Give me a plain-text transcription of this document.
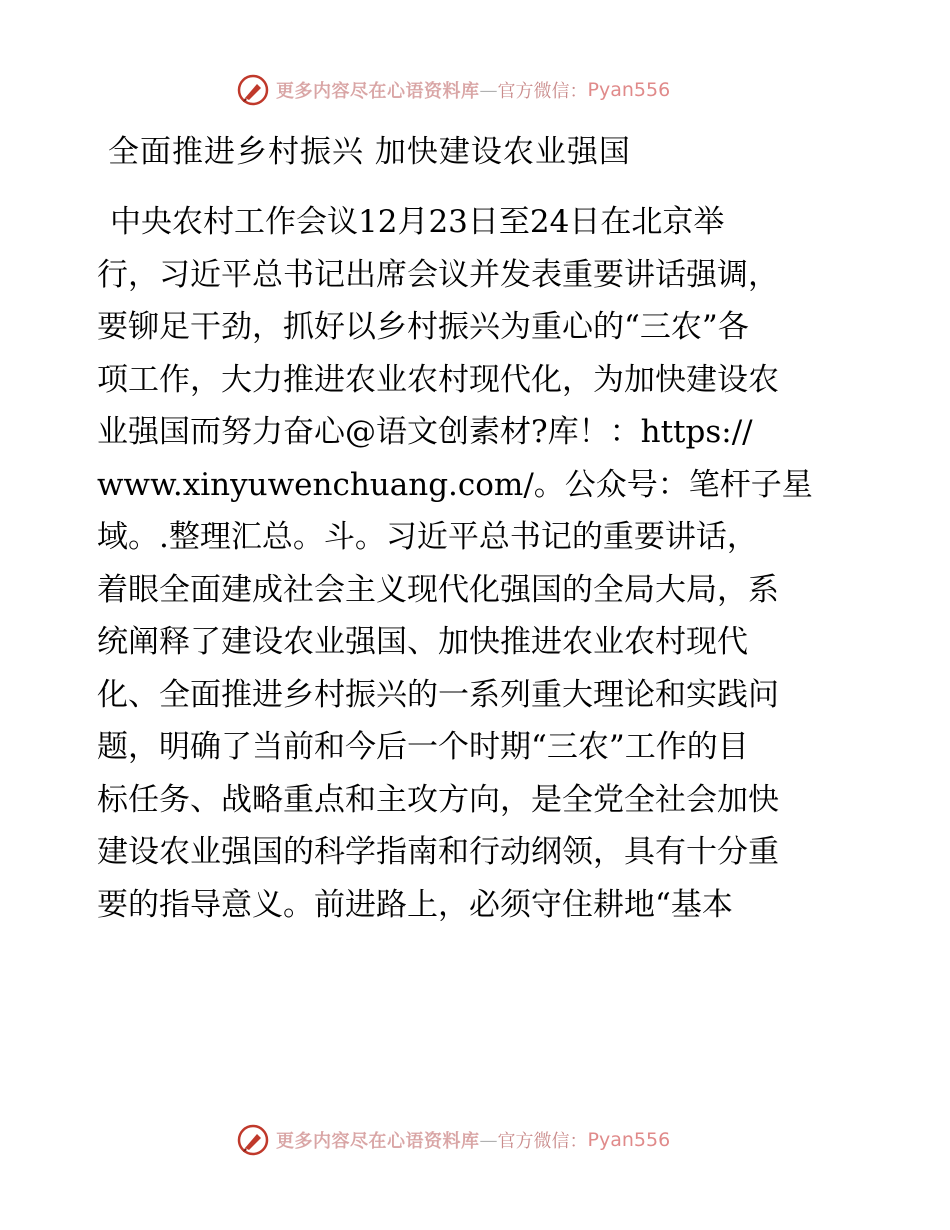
更多内容尽在心语资料库 — 官方微信： Pyan556
全面推进乡村振兴 加快建设农业强国
中央农村工作会议12月23日至24日在北京举
行，习近平总书记出席会议并发表重要讲话强调，
要铆足干劲，抓好以乡村振兴为重心的“三农”各
项工作，大力推进农业农村现代化，为加快建设农
业强国而努力奋心@语文创素材?库！：https://
www.xinyuwenchuang.com/。公众号：笔杆子星
域。.整理汇总。斗。习近平总书记的重要讲话，
着眼全面建成社会主义现代化强国的全局大局，系
统阐释了建设农业强国、加快推进农业农村现代
化、全面推进乡村振兴的一系列重大理论和实践问
题，明确了当前和今后一个时期“三农”工作的目
标任务、战略重点和主攻方向，是全党全社会加快
建设农业强国的科学指南和行动纲领，具有十分重
要的指导意义。前进路上，必须守住耕地“基本
更多内容尽在心语资料库 — 官方微信： Pyan556
